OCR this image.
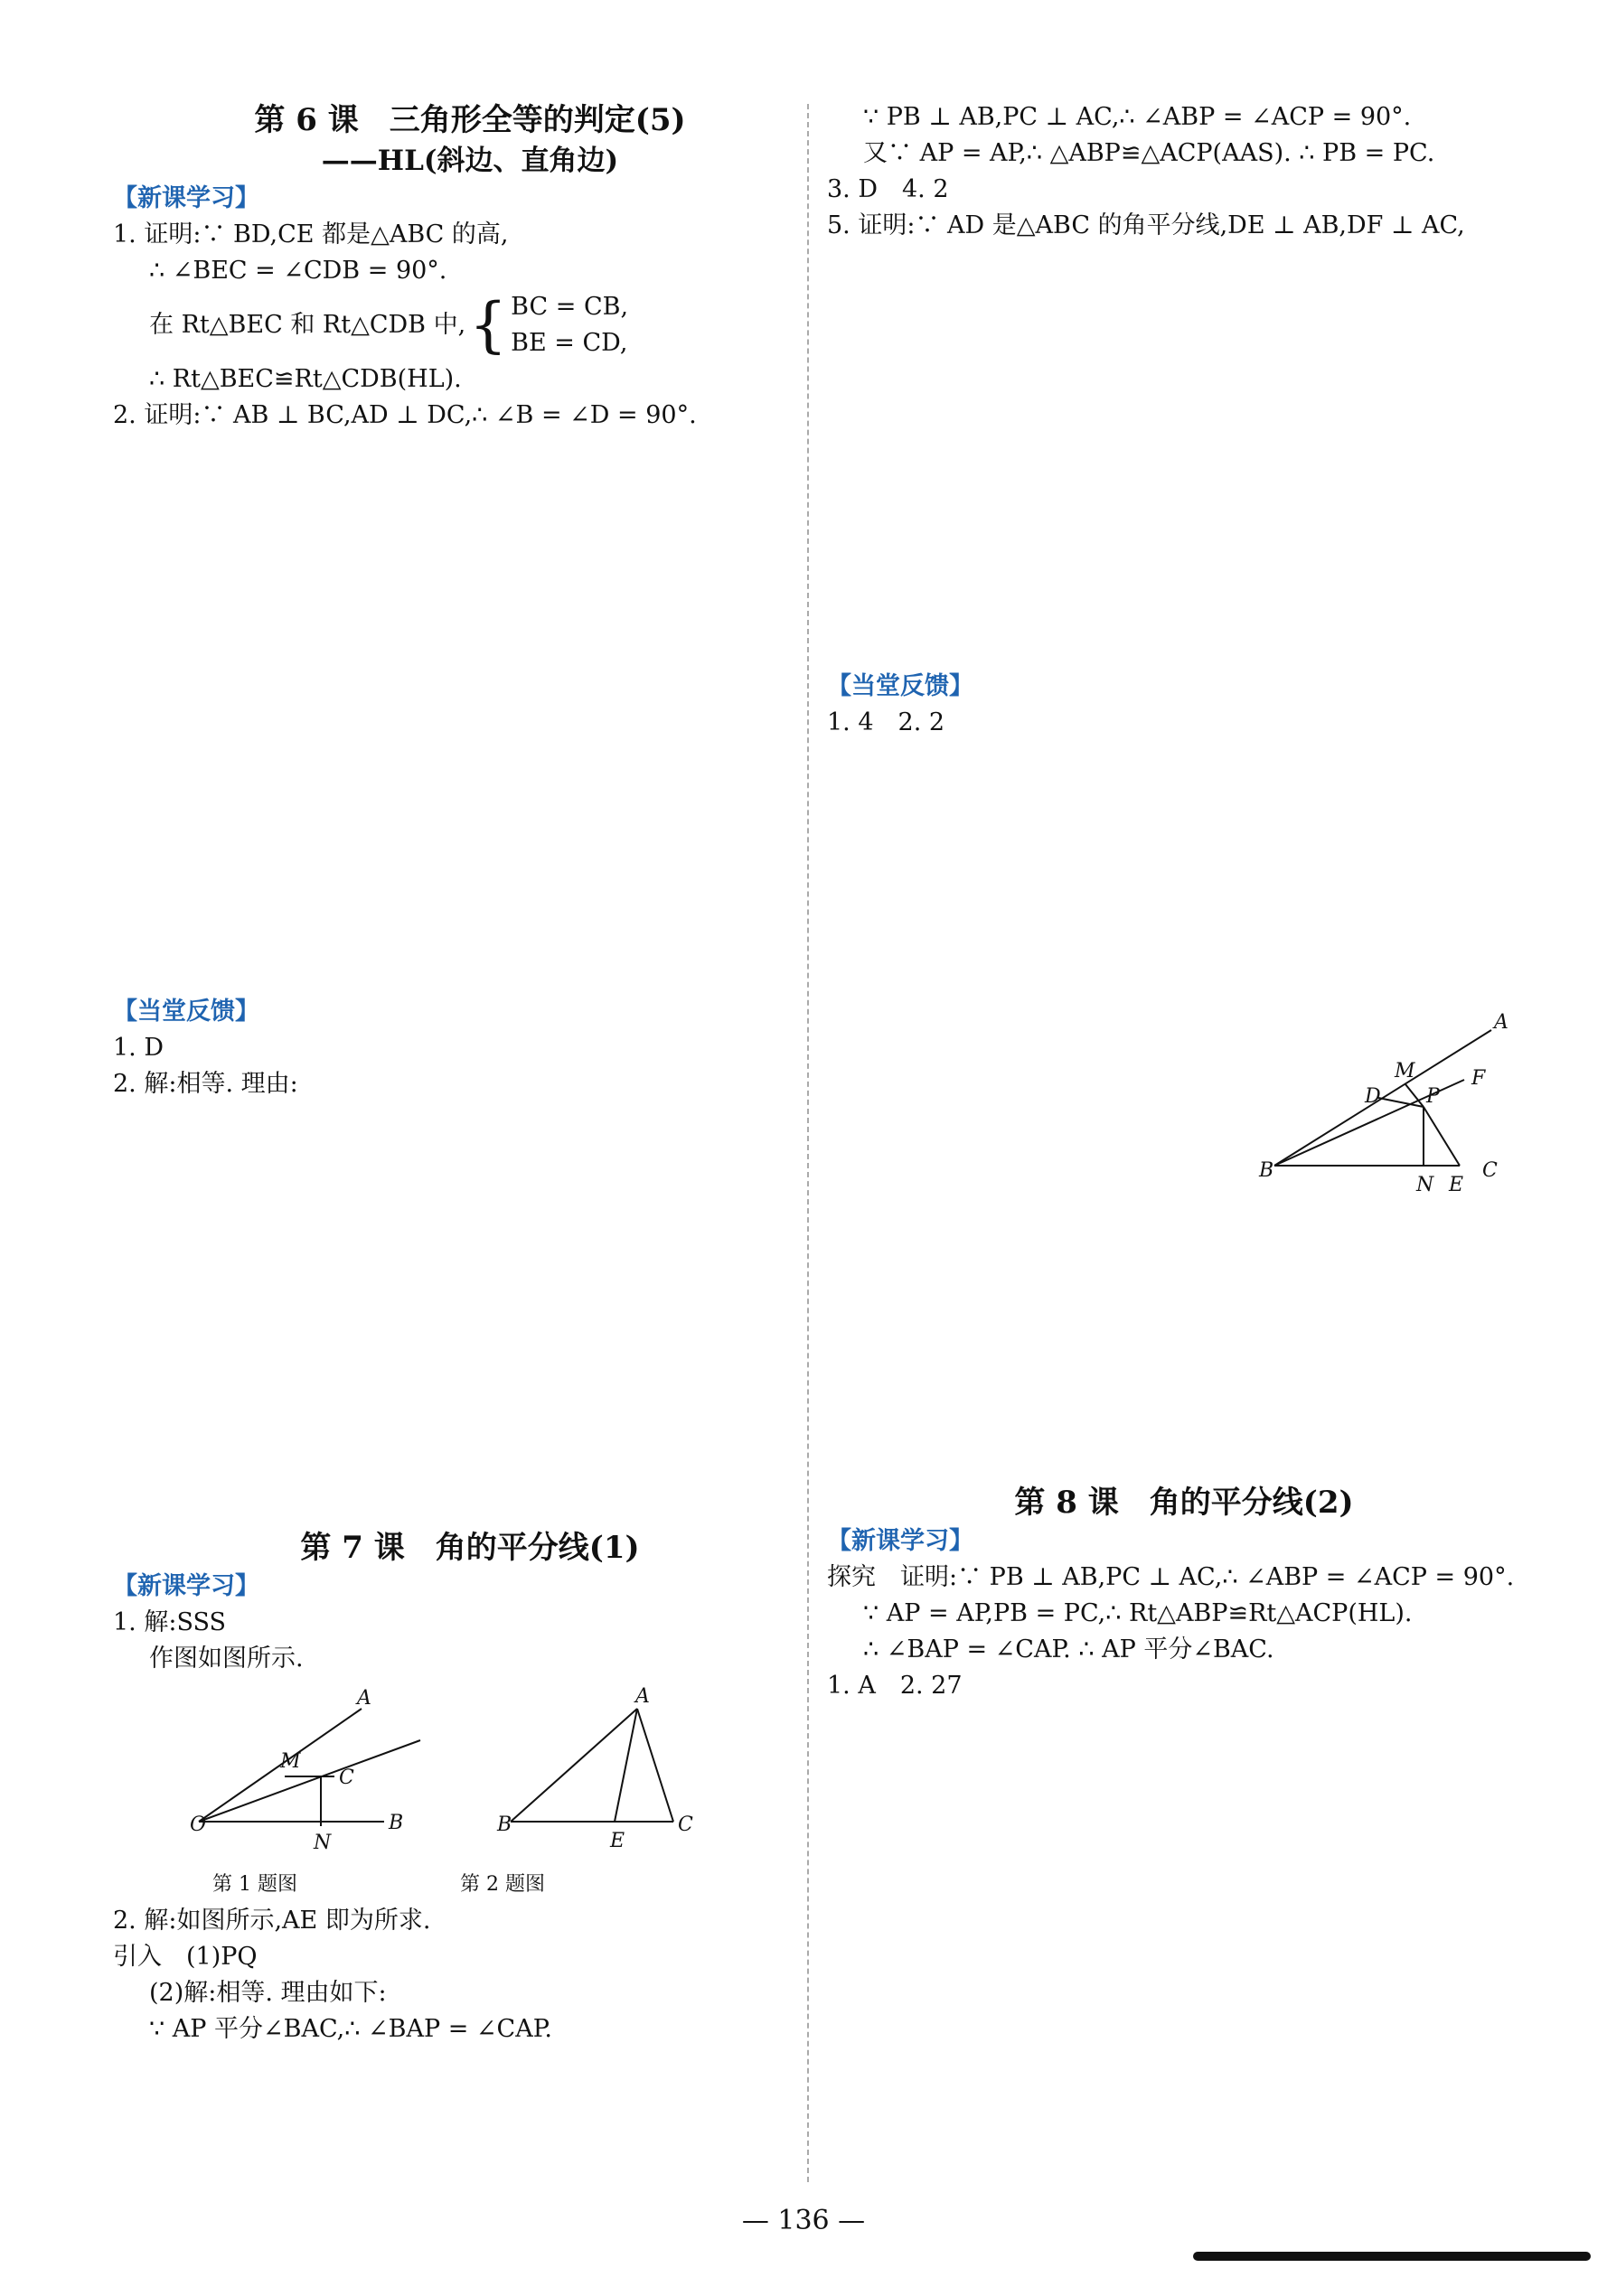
第 6 课　三角形全等的判定(5)
——HL(斜边、直角边)
【新课学习】
1. 证明:∵ BD,CE 都是△ABC 的高,
∴ ∠BEC = ∠CDB = 90°.
在 Rt△BEC 和 Rt△CDB 中, { BC = CB,
BE = CD,
∴ Rt△BEC≌Rt△CDB(HL).
2. 证明:∵ AB ⊥ BC,AD ⊥ DC,∴ ∠B = ∠D = 90°.
【当堂反馈】
1. D
2. 解:相等. 理由:
第 7 课　角的平分线(1)
【新课学习】
1. 解:SSS
作图如图所示.
O
A
B
M
C
N
B
A
C
E
第 1 题图	第 2 题图
2. 解:如图所示,AE 即为所求.
引入　(1)PQ
(2)解:相等. 理由如下:
∵ AP 平分∠BAC,∴ ∠BAP = ∠CAP.
∵ PB ⊥ AB,PC ⊥ AC,∴ ∠ABP = ∠ACP = 90°.
又∵ AP = AP,∴ △ABP≌△ACP(AAS). ∴ PB = PC.
3. D　4. 2
5. 证明:∵ AD 是△ABC 的角平分线,DE ⊥ AB,DF ⊥ AC,
【当堂反馈】
1. 4　2. 2
A
M
D P
F
B
N E
C
第 8 课　角的平分线(2)
【新课学习】
探究　证明:∵ PB ⊥ AB,PC ⊥ AC,∴ ∠ABP = ∠ACP = 90°.
∵ AP = AP,PB = PC,∴ Rt△ABP≌Rt△ACP(HL).
∴ ∠BAP = ∠CAP. ∴ AP 平分∠BAC.
1. A　2. 27
— 136 —
